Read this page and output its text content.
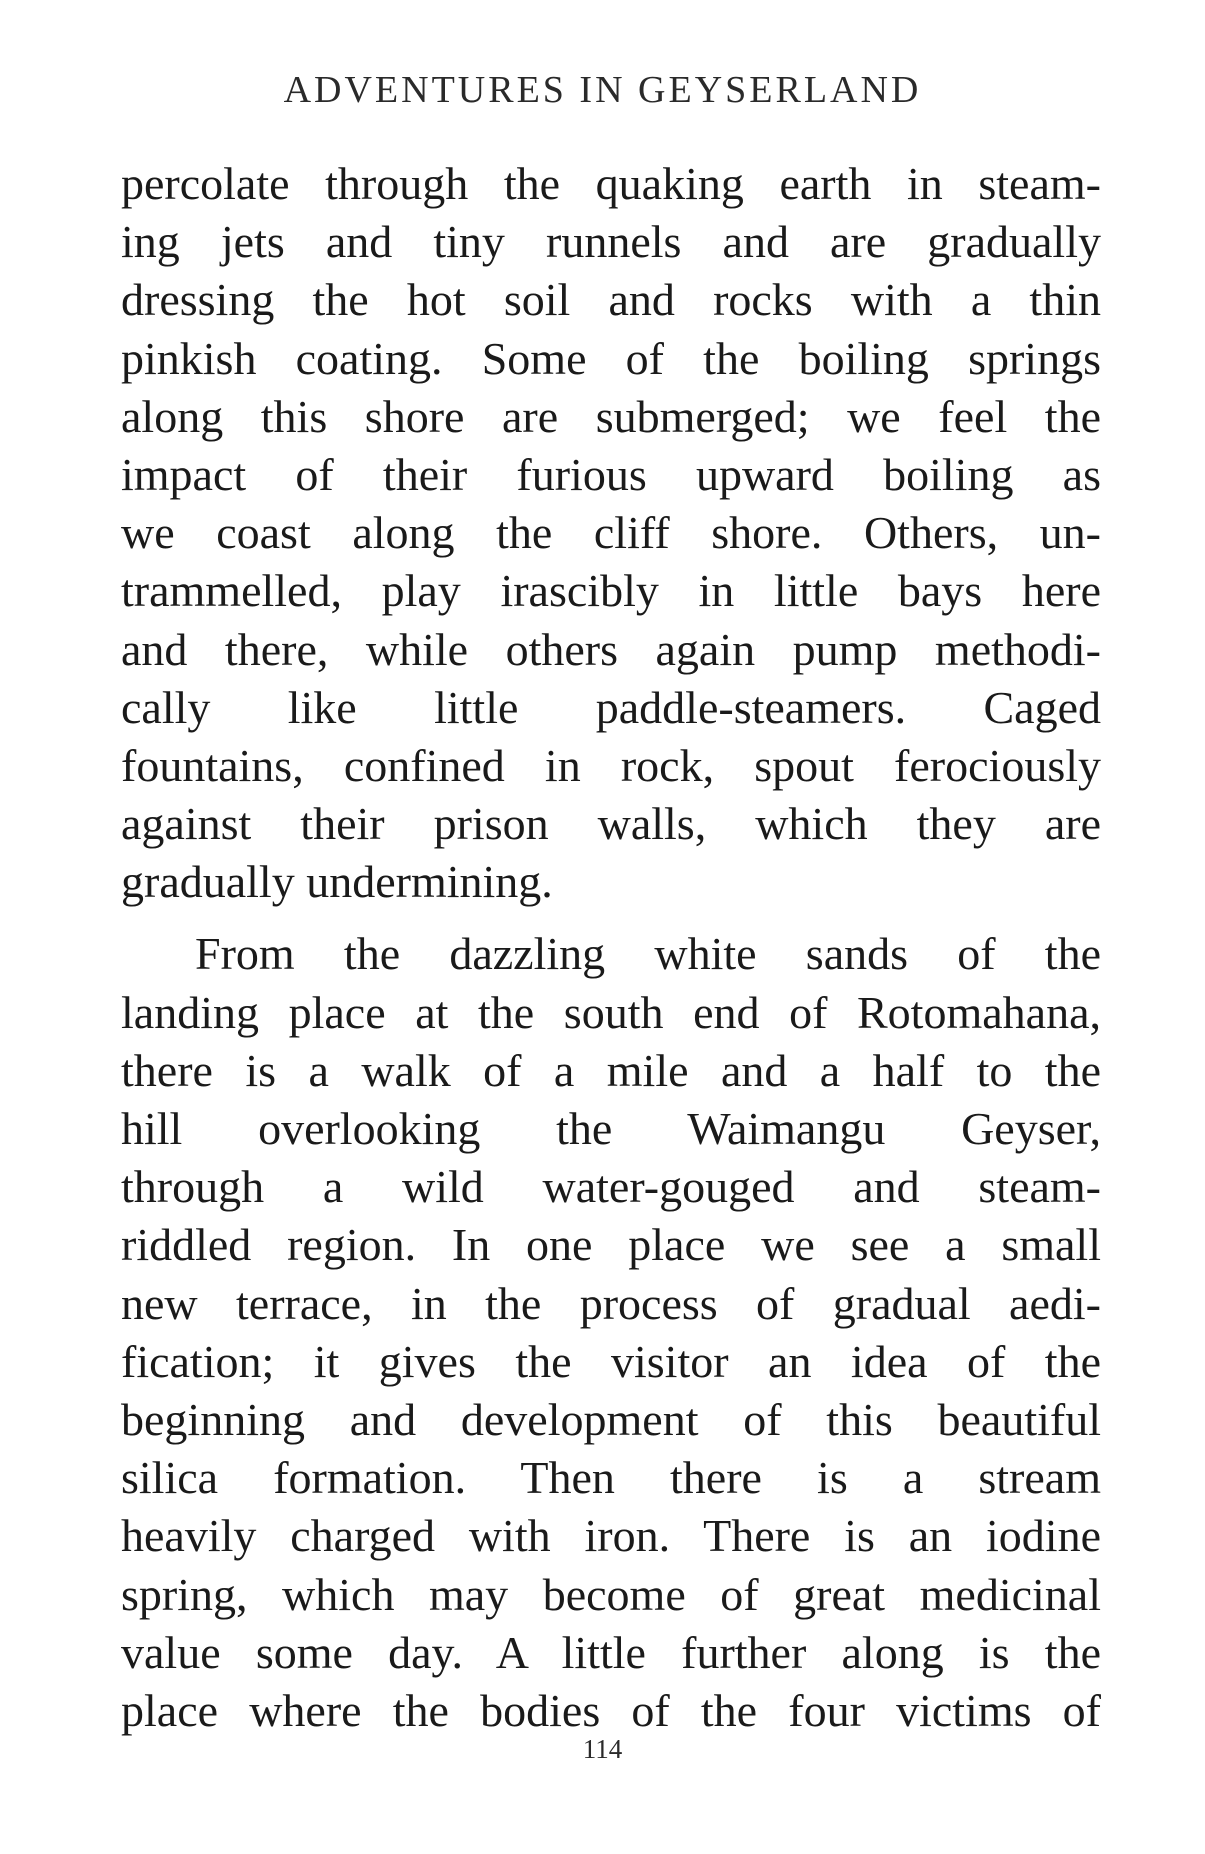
ADVENTURES IN GEYSERLAND
percolate through the quaking earth in steam-
ing jets and tiny runnels and are gradually
dressing the hot soil and rocks with a thin
pinkish coating. Some of the boiling springs
along this shore are submerged; we feel the
impact of their furious upward boiling as
we coast along the cliff shore. Others, un-
trammelled, play irascibly in little bays here
and there, while others again pump methodi-
cally like little paddle-steamers. Caged
fountains, confined in rock, spout ferociously
against their prison walls, which they are
gradually undermining.
From the dazzling white sands of the
landing place at the south end of Rotomahana,
there is a walk of a mile and a half to the
hill overlooking the Waimangu Geyser,
through a wild water-gouged and steam-
riddled region. In one place we see a small
new terrace, in the process of gradual aedi-
fication; it gives the visitor an idea of the
beginning and development of this beautiful
silica formation. Then there is a stream
heavily charged with iron. There is an iodine
spring, which may become of great medicinal
value some day. A little further along is the
place where the bodies of the four victims of
114
